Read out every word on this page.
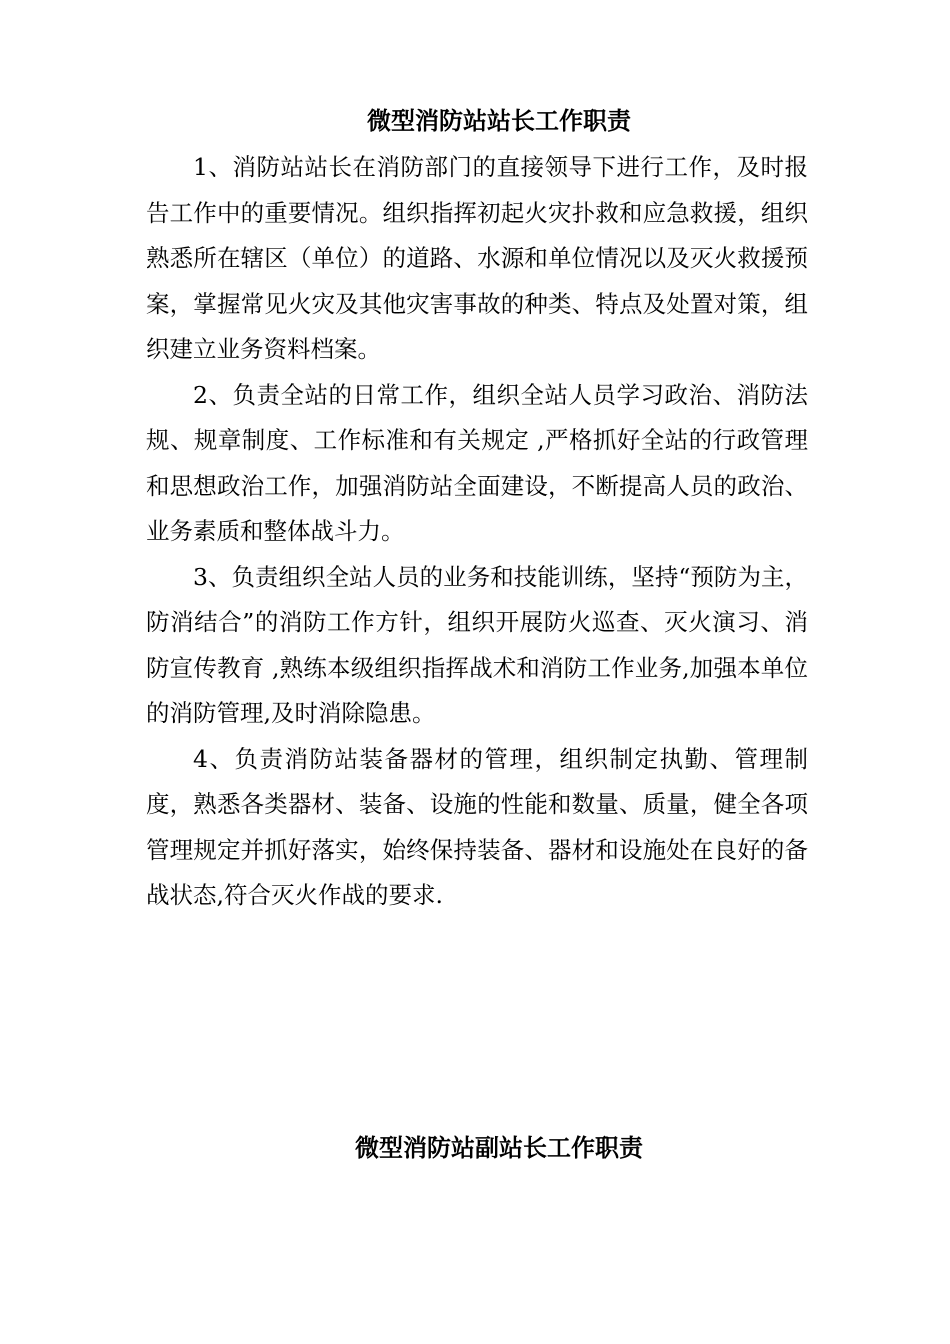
微型消防站站长工作职责

1、消防站站长在消防部门的直接领导下进行工作，及时报告工作中的重要情况。组织指挥初起火灾扑救和应急救援，组织熟悉所在辖区（单位）的道路、水源和单位情况以及灭火救援预案，掌握常见火灾及其他灾害事故的种类、特点及处置对策，组织建立业务资料档案。

2、负责全站的日常工作，组织全站人员学习政治、消防法规、规章制度、工作标准和有关规定 ,严格抓好全站的行政管理和思想政治工作，加强消防站全面建设，不断提高人员的政治、业务素质和整体战斗力。

3、负责组织全站人员的业务和技能训练，坚持“预防为主，防消结合”的消防工作方针，组织开展防火巡查、灭火演习、消防宣传教育 ,熟练本级组织指挥战术和消防工作业务,加强本单位的消防管理,及时消除隐患。

4、负责消防站装备器材的管理，组织制定执勤、管理制度，熟悉各类器材、装备、设施的性能和数量、质量，健全各项管理规定并抓好落实，始终保持装备、器材和设施处在良好的备战状态,符合灭火作战的要求.

微型消防站副站长工作职责
